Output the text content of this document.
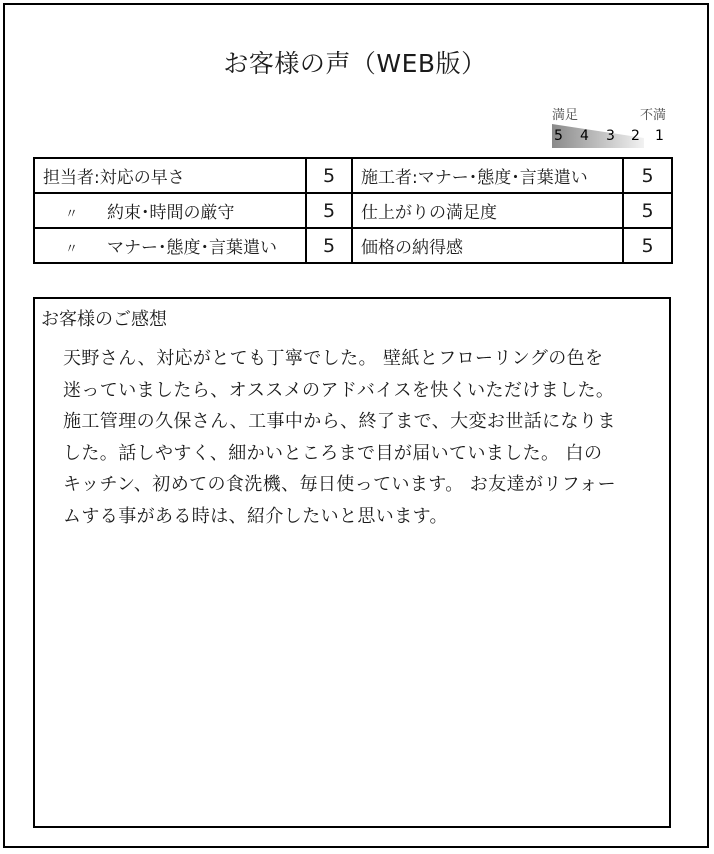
お客様の声（WEB版）
満足	不満
5 4 3 2 1
担当者:対応の早さ	5	施工者:マナー･態度･言葉遣い	5
〃 約束･時間の厳守	5	仕上がりの満足度	5
〃 マナー･態度･言葉遣い	5	価格の納得感	5
お客様のご感想

天野さん、対応がとても丁寧でした。 壁紙とフローリングの色を

迷っていましたら、オススメのアドバイスを快くいただけました。

施工管理の久保さん、工事中から、終了まで、大変お世話になりま

した。話しやすく、細かいところまで目が届いていました。 白の

キッチン、初めての食洗機、毎日使っています。 お友達がリフォー

ムする事がある時は、紹介したいと思います。
